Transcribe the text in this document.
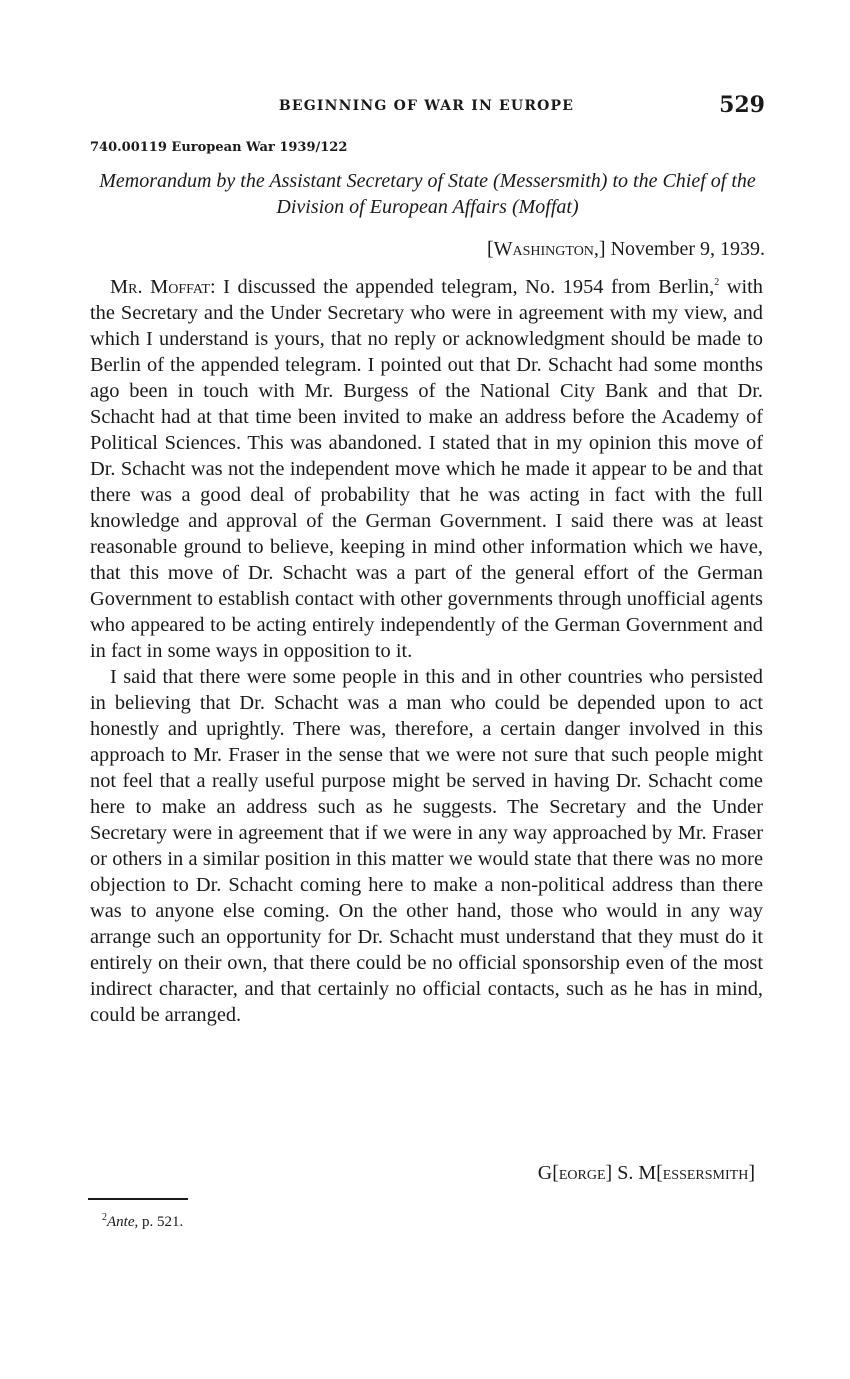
BEGINNING OF WAR IN EUROPE	529
740.00119 European War 1939/122
Memorandum by the Assistant Secretary of State (Messersmith) to the Chief of the Division of European Affairs (Moffat)
[Washington,] November 9, 1939.

Mr. Moffat: I discussed the appended telegram, No. 1954 from Berlin,$^2$ with the Secretary and the Under Secretary who were in agreement with my view, and which I understand is yours, that no reply or acknowledgment should be made to Berlin of the appended telegram. I pointed out that Dr. Schacht had some months ago been in touch with Mr. Burgess of the National City Bank and that Dr. Schacht had at that time been invited to make an address before the Academy of Political Sciences. This was abandoned. I stated that in my opinion this move of Dr. Schacht was not the independent move which he made it appear to be and that there was a good deal of probability that he was acting in fact with the full knowledge and approval of the German Government. I said there was at least reasonable ground to believe, keeping in mind other information which we have, that this move of Dr. Schacht was a part of the general effort of the German Government to establish contact with other governments through unofficial agents who appeared to be acting entirely independently of the German Government and in fact in some ways in opposition to it.

I said that there were some people in this and in other countries who persisted in believing that Dr. Schacht was a man who could be depended upon to act honestly and uprightly. There was, therefore, a certain danger involved in this approach to Mr. Fraser in the sense that we were not sure that such people might not feel that a really useful purpose might be served in having Dr. Schacht come here to make an address such as he suggests. The Secretary and the Under Secretary were in agreement that if we were in any way approached by Mr. Fraser or others in a similar position in this matter we would state that there was no more objection to Dr. Schacht coming here to make a non-political address than there was to anyone else coming. On the other hand, those who would in any way arrange such an opportunity for Dr. Schacht must understand that they must do it entirely on their own, that there could be no official sponsorship even of the most indirect character, and that certainly no official contacts, such as he has in mind, could be arranged.

G[eorge] S. M[essersmith]
$^2$Ante, p. 521.
